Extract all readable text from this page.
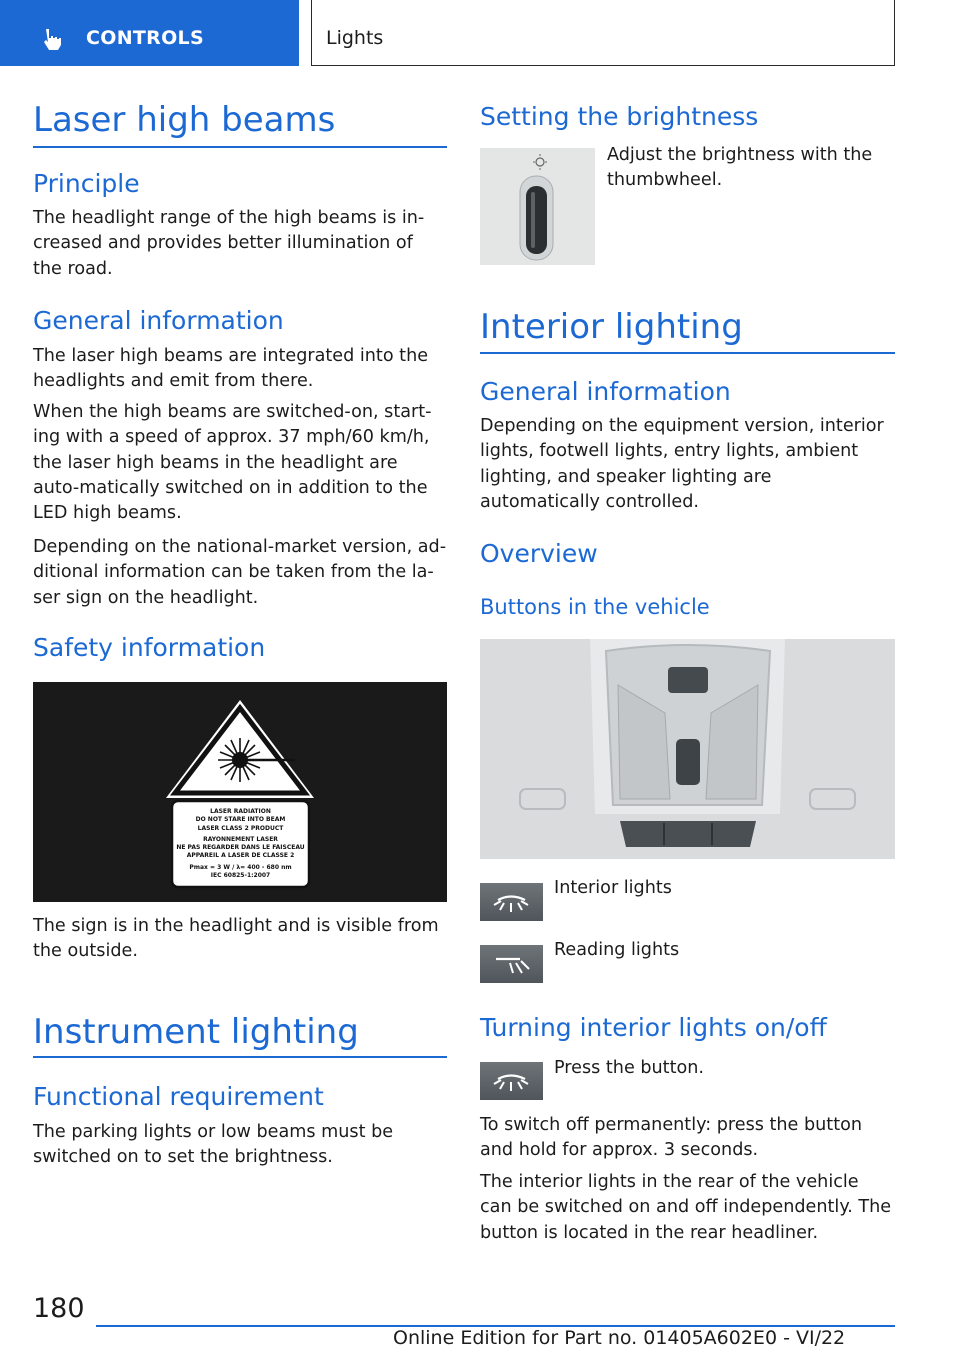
CONTROLS	Lights
Laser high beams
Principle
The headlight range of the high beams is in-creased and provides better illumination of the road.
General information
The laser high beams are integrated into the headlights and emit from there.
When the high beams are switched-on, start-ing with a speed of approx. 37 mph/60 km/h, the laser high beams in the headlight are auto-matically switched on in addition to the LED high beams.
Depending on the national-market version, ad-ditional information can be taken from the la-ser sign on the headlight.
Safety information
LASER RADIATION
DO NOT STARE INTO BEAM
LASER CLASS 2 PRODUCT
RAYONNEMENT LASER
NE PAS REGARDER DANS LE FAISCEAU
APPAREIL A LASER DE CLASSE 2
Pmax = 3 W / λ= 400 - 680 nm
IEC 60825-1:2007
The sign is in the headlight and is visible from the outside.
Instrument lighting
Functional requirement
The parking lights or low beams must be switched on to set the brightness.
Setting the brightness
Adjust the brightness with the thumbwheel.
Interior lighting
General information
Depending on the equipment version, interior lights, footwell lights, entry lights, ambient lighting, and speaker lighting are automatically controlled.
Overview
Buttons in the vehicle
Interior lights
Reading lights
Turning interior lights on/off
Press the button.
To switch off permanently: press the button and hold for approx. 3 seconds.
The interior lights in the rear of the vehicle can be switched on and off independently. The button is located in the rear headliner.
180
Online Edition for Part no. 01405A602E0 - VI/22
